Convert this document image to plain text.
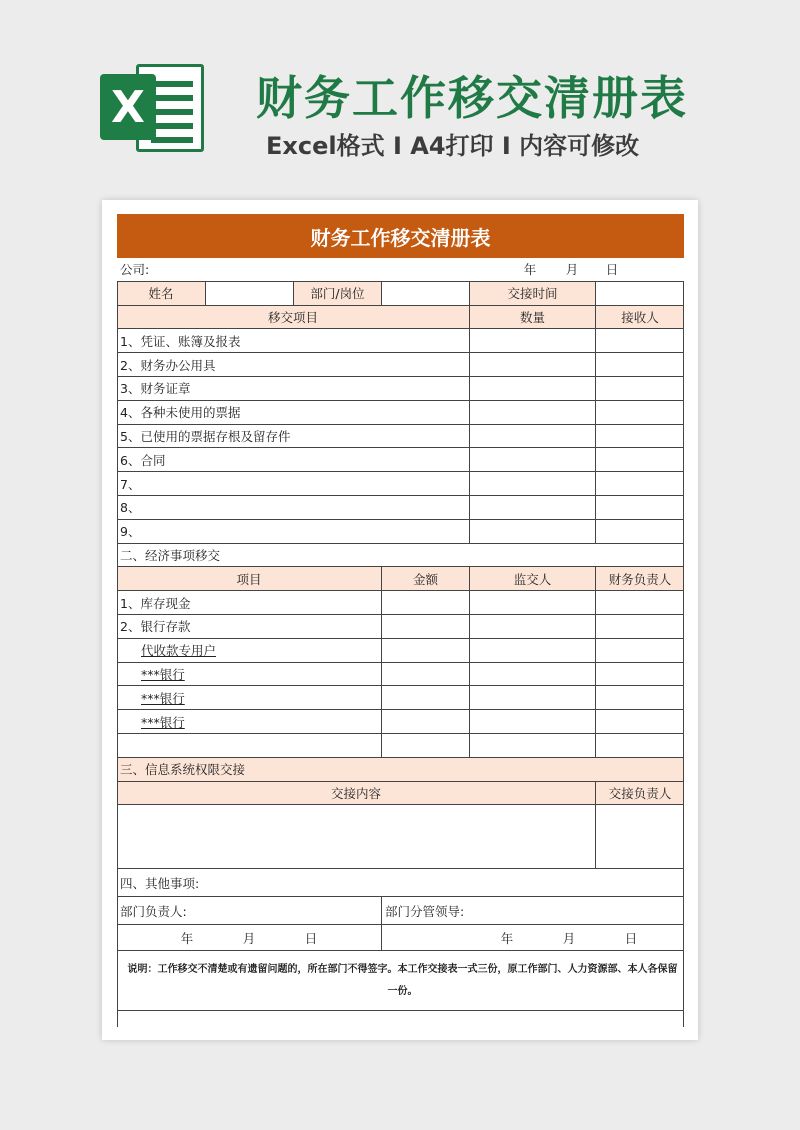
X 财务工作移交清册表
Excel格式 I A4打印 I 内容可修改
财务工作移交清册表
公司:	年	月	日
姓名	部门/岗位	交接时间
移交项目	数量	接收人
1、凭证、账簿及报表
2、财务办公用具
3、财务证章
4、各种未使用的票据
5、已使用的票据存根及留存件
6、合同
7、
8、
9、
二、经济事项移交
项目	金额	监交人	财务负责人
1、库存现金
2、银行存款
代收款专用户
***银行
***银行
***银行
三、信息系统权限交接
交接内容	交接负责人
四、其他事项:
部门负责人:	部门分管领导:
年	月	日	年	月	日
说明：工作移交不清楚或有遗留问题的，所在部门不得签字。本工作交接表一式三份，原工作部门、人力资源部、本人各保留一份。
